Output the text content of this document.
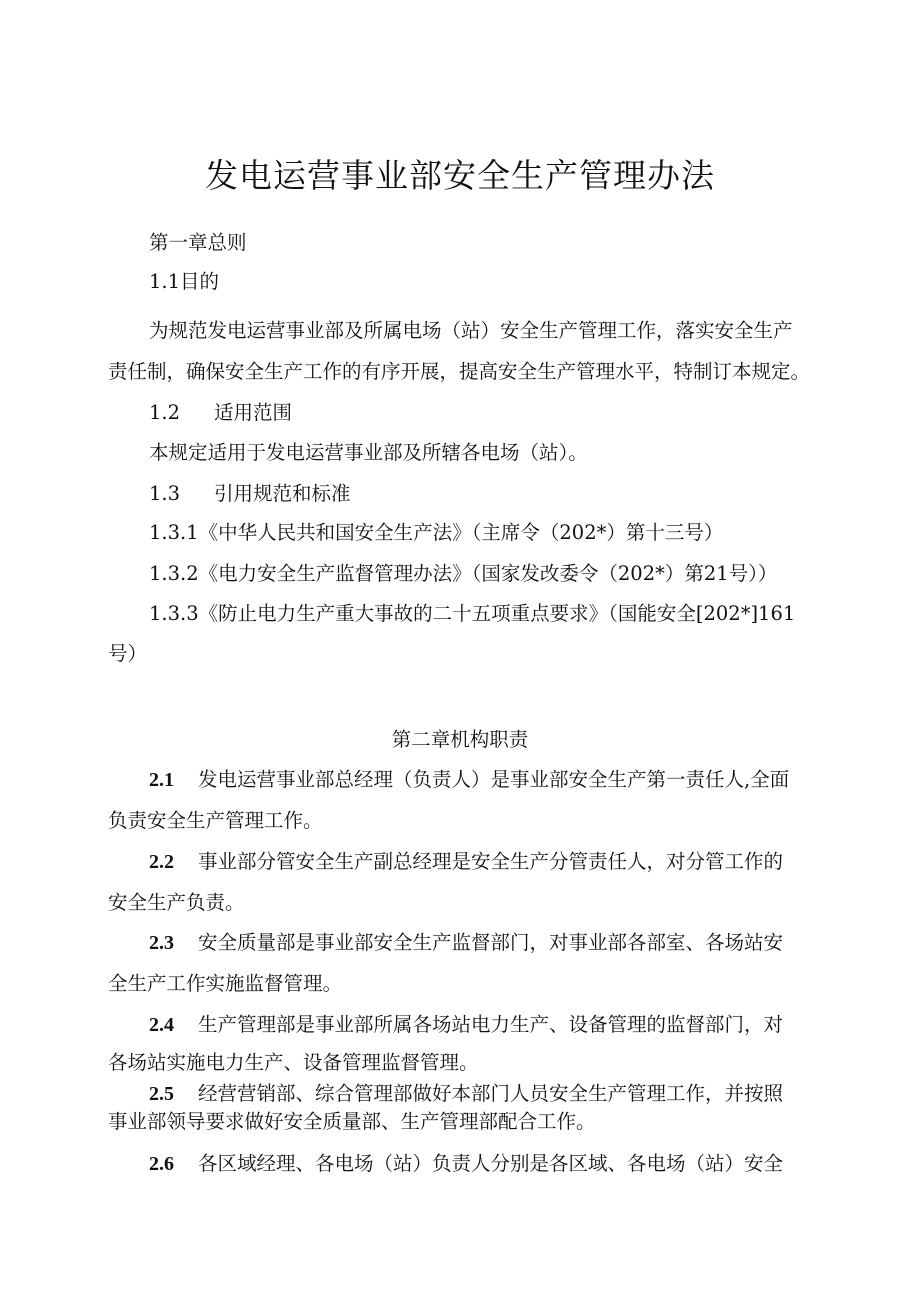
发电运营事业部安全生产管理办法
第一章总则
1.1目的
为规范发电运营事业部及所属电场（站）安全生产管理工作，落实安全生产
责任制，确保安全生产工作的有序开展，提高安全生产管理水平，特制订本规定。
1.2 适用范围
本规定适用于发电运营事业部及所辖各电场（站）。
1.3 引用规范和标准
1.3.1《中华人民共和国安全生产法》（主席令（202*）第十三号）
1.3.2《电力安全生产监督管理办法》（国家发改委令（202*）第21号））
1.3.3《防止电力生产重大事故的二十五项重点要求》（国能安全[202*]161
号）
第二章机构职责
2.1 发电运营事业部总经理（负责人）是事业部安全生产第一责任人,全面
负责安全生产管理工作。
2.2 事业部分管安全生产副总经理是安全生产分管责任人，对分管工作的
安全生产负责。
2.3 安全质量部是事业部安全生产监督部门，对事业部各部室、各场站安
全生产工作实施监督管理。
2.4 生产管理部是事业部所属各场站电力生产、设备管理的监督部门，对
各场站实施电力生产、设备管理监督管理。
2.5 经营营销部、综合管理部做好本部门人员安全生产管理工作，并按照
事业部领导要求做好安全质量部、生产管理部配合工作。
2.6 各区域经理、各电场（站）负责人分别是各区域、各电场（站）安全
